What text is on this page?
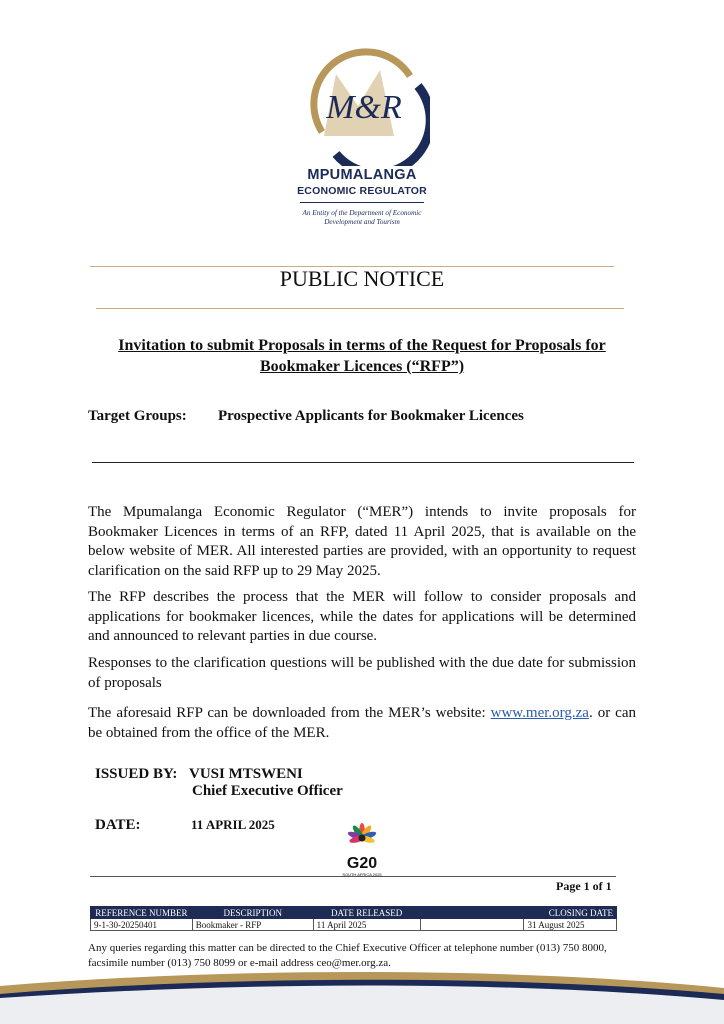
M&R
MPUMALANGA
ECONOMIC REGULATOR
An Entity of the Department of Economic
Development and Tourism
PUBLIC NOTICE
Invitation to submit Proposals in terms of the Request for Proposals for
Bookmaker Licences (“RFP”)
Target Groups: Prospective Applicants for Bookmaker Licences
The Mpumalanga Economic Regulator (“MER”) intends to invite proposals for Bookmaker Licences in terms of an RFP, dated 11 April 2025, that is available on the below website of MER. All interested parties are provided, with an opportunity to request clarification on the said RFP up to 29 May 2025.
The RFP describes the process that the MER will follow to consider proposals and applications for bookmaker licences, while the dates for applications will be determined and announced to relevant parties in due course.
Responses to the clarification questions will be published with the due date for submission of proposals
The aforesaid RFP can be downloaded from the MER’s website: www.mer.org.za. or can be obtained from the office of the MER.
ISSUED BY: VUSI MTSWENI
Chief Executive Officer
DATE:	11 APRIL 2025
G20
SOUTH AFRICA 2025
Page 1 of 1
REFERENCE NUMBER	DESCRIPTION	DATE RELEASED		CLOSING DATE
9-1-30-20250401	Bookmaker - RFP	11 April 2025		31 August 2025
Any queries regarding this matter can be directed to the Chief Executive Officer at telephone number (013) 750 8000, facsimile number (013) 750 8099 or e-mail address ceo@mer.org.za.
